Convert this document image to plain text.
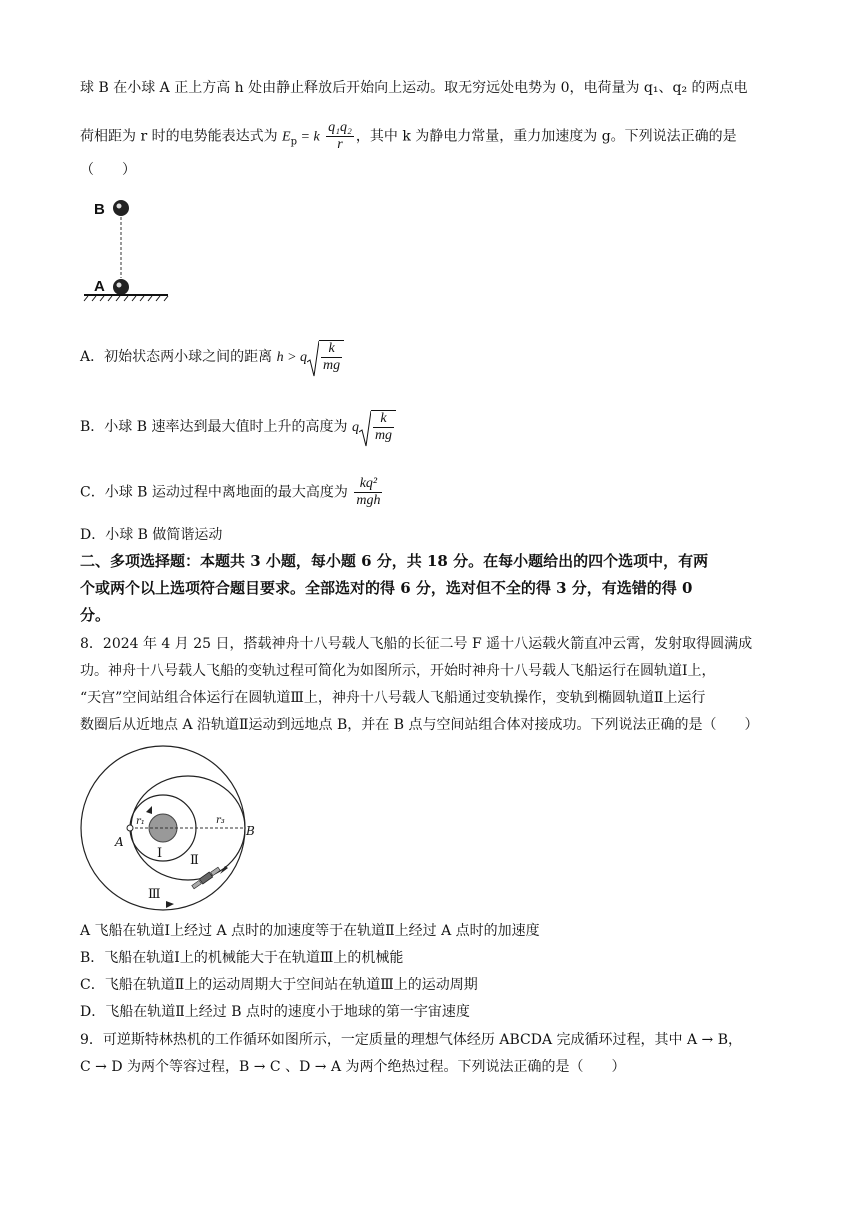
球 B 在小球 A 正上方高 h 处由静止释放后开始向上运动。取无穷远处电势为 0，电荷量为 q₁、q₂ 的两点电
荷相距为 r 时的电势能表达式为 $E_p = k \frac{\text{q₁q₂}}{r}$ ，其中 k 为静电力常量，重力加速度为 g。下列说法正确的是
（　　）
B
A
A．初始状态两小球之间的距离 h > q $\frac{k}{mg}$
B．小球 B 速率达到最大值时上升的高度为 q $\frac{k}{mg}$
C．小球 B 运动过程中离地面的最大高度为 $\frac{\text{kq²}}{\text{mgh}}$
D．小球 B 做简谐运动
二、多项选择题：本题共 3 小题，每小题 6 分，共 18 分。在每小题给出的四个选项中，有两
个或两个以上选项符合题目要求。全部选对的得 6 分，选对但不全的得 3 分，有选错的得 0
分。
8．2024 年 4 月 25 日，搭载神舟十八号载人飞船的长征二号 F 遥十八运载火箭直冲云霄，发射取得圆满成
功。神舟十八号载人飞船的变轨过程可简化为如图所示，开始时神舟十八号载人飞船运行在圆轨道Ⅰ上，
“天宫”空间站组合体运行在圆轨道Ⅲ上，神舟十八号载人飞船通过变轨操作，变轨到椭圆轨道Ⅱ上运行
数圈后从近地点 A 沿轨道Ⅱ运动到远地点 B，并在 B 点与空间站组合体对接成功。下列说法正确的是（　　）
r₁	r₃
A
B
Ⅰ Ⅱ
Ⅲ
A 飞船在轨道Ⅰ上经过 A 点时的加速度等于在轨道Ⅱ上经过 A 点时的加速度
B．飞船在轨道Ⅰ上的机械能大于在轨道Ⅲ上的机械能
C．飞船在轨道Ⅱ上的运动周期大于空间站在轨道Ⅲ上的运动周期
D．飞船在轨道Ⅱ上经过 B 点时的速度小于地球的第一宇宙速度
9．可逆斯特林热机的工作循环如图所示，一定质量的理想气体经历 ABCDA 完成循环过程，其中 A → B，
C → D 为两个等容过程，B → C 、D → A 为两个绝热过程。下列说法正确的是（　　）
